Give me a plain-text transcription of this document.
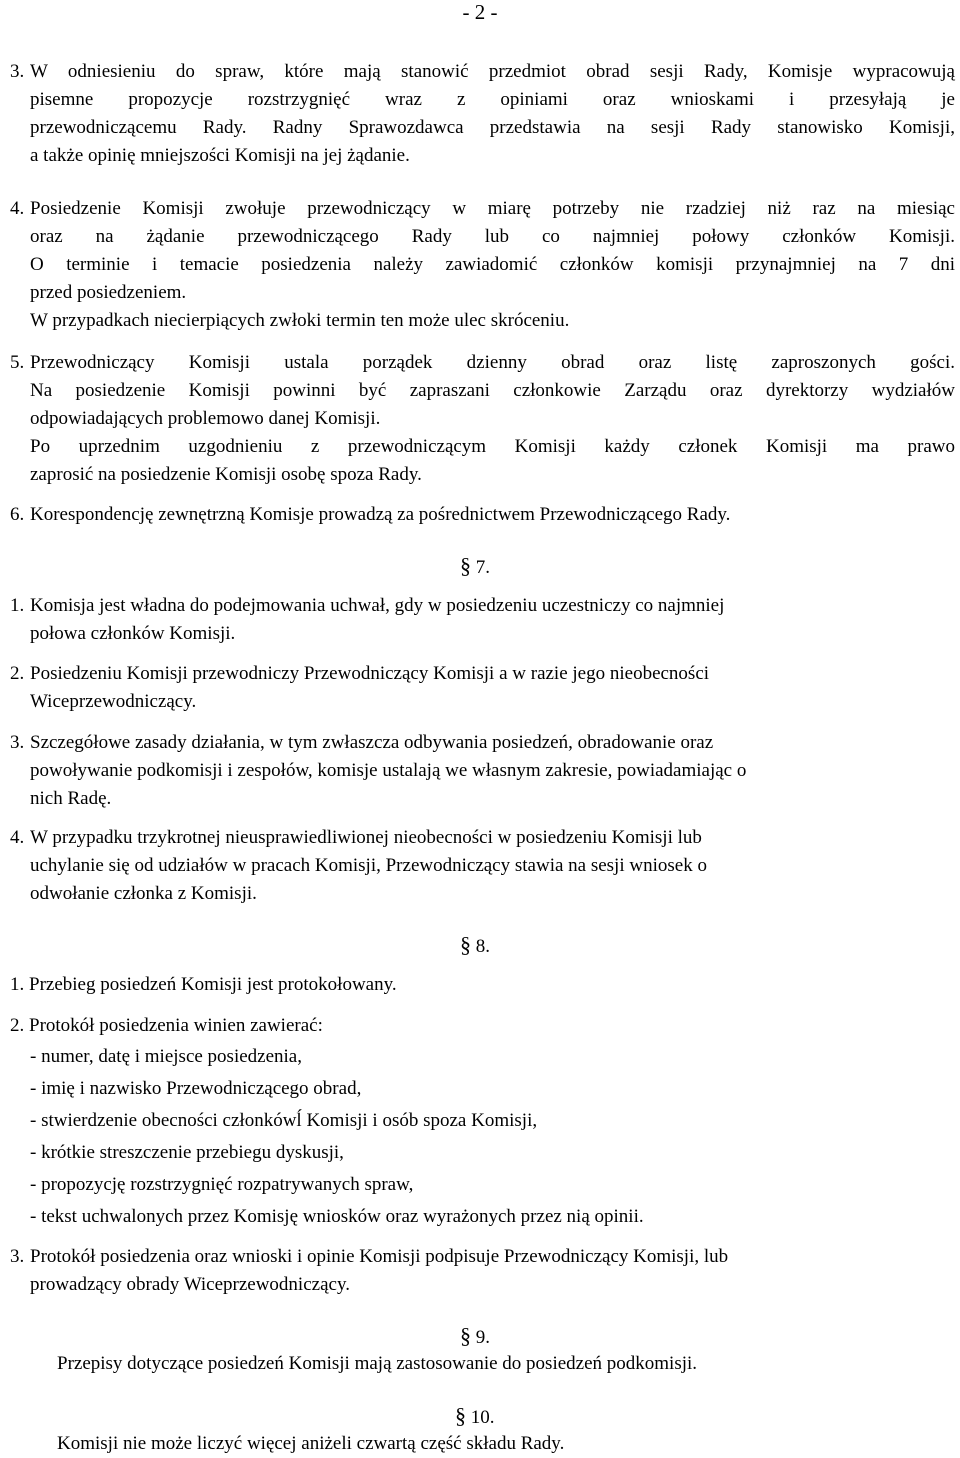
- 2 -
3. W odniesieniu do spraw, które mają stanowić przedmiot obrad sesji Rady, Komisje wypracowują
pisemne propozycje rozstrzygnięć wraz z opiniami oraz wnioskami i przesyłają je
przewodniczącemu Rady. Radny Sprawozdawca przedstawia na sesji Rady stanowisko Komisji,
a także opinię mniejszości Komisji na jej żądanie.
4. Posiedzenie Komisji zwołuje przewodniczący w miarę potrzeby nie rzadziej niż raz na miesiąc
oraz na żądanie przewodniczącego Rady lub co najmniej połowy członków Komisji.
O terminie i temacie posiedzenia należy zawiadomić członków komisji przynajmniej na 7 dni
przed posiedzeniem.
W przypadkach niecierpiących zwłoki termin ten może ulec skróceniu.
5. Przewodniczący Komisji ustala porządek dzienny obrad oraz listę zaproszonych gości.
Na posiedzenie Komisji powinni być zapraszani członkowie Zarządu oraz dyrektorzy wydziałów
odpowiadających problemowo danej Komisji.
Po uprzednim uzgodnieniu z przewodniczącym Komisji każdy członek Komisji ma prawo
zaprosić na posiedzenie Komisji osobę spoza Rady.
6. Korespondencję zewnętrzną Komisje prowadzą za pośrednictwem Przewodniczącego Rady.
§ 7.
1. Komisja jest władna do podejmowania uchwał, gdy w posiedzeniu uczestniczy co najmniej
połowa członków Komisji.
2. Posiedzeniu Komisji przewodniczy Przewodniczący Komisji a w razie jego nieobecności
Wiceprzewodniczący.
3. Szczegółowe zasady działania, w tym zwłaszcza odbywania posiedzeń, obradowanie oraz
powoływanie podkomisji i zespołów, komisje ustalają we własnym zakresie, powiadamiając o
nich Radę.
4. W przypadku trzykrotnej nieusprawiedliwionej nieobecności w posiedzeniu Komisji lub
uchylanie się od udziałów w pracach Komisji, Przewodniczący stawia na sesji wniosek o
odwołanie członka z Komisji.
§ 8.
1. Przebieg posiedzeń Komisji jest protokołowany.
2. Protokół posiedzenia winien zawierać:
- numer, datę i miejsce posiedzenia,
- imię i nazwisko Przewodniczącego obrad,
- stwierdzenie obecności członkówĺ Komisji i osób spoza Komisji,
- krótkie streszczenie przebiegu dyskusji,
- propozycję rozstrzygnięć rozpatrywanych spraw,
- tekst uchwalonych przez Komisję wniosków oraz wyrażonych przez nią opinii.
3. Protokół posiedzenia oraz wnioski i opinie Komisji podpisuje Przewodniczący Komisji, lub
prowadzący obrady Wiceprzewodniczący.
§ 9.
Przepisy dotyczące posiedzeń Komisji mają zastosowanie do posiedzeń podkomisji.
§ 10.
Komisji nie może liczyć więcej aniżeli czwartą część składu Rady.
